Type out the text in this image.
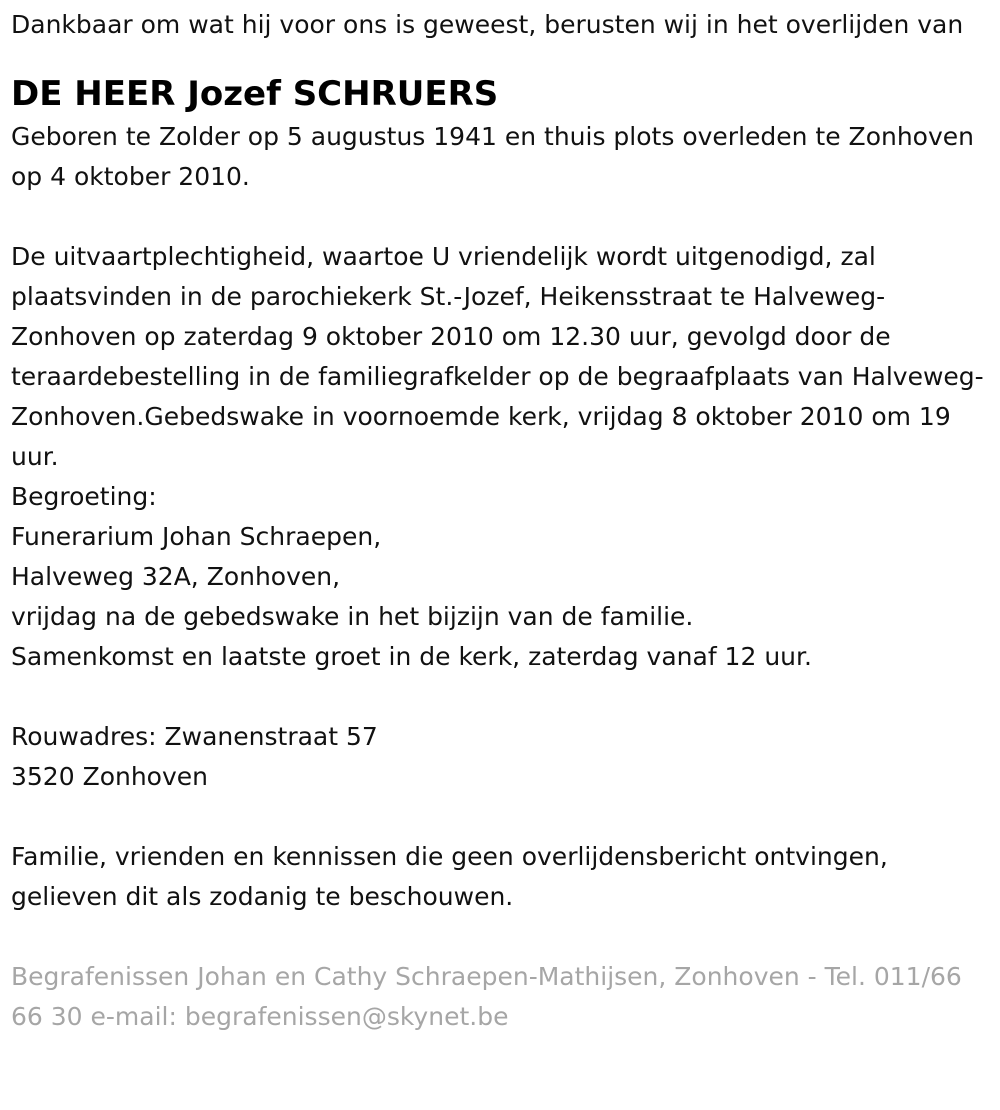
Dankbaar om wat hij voor ons is geweest, berusten wij in het overlijden van

DE HEER Jozef SCHRUERS

Geboren te Zolder op 5 augustus 1941 en thuis plots overleden te Zonhoven op 4 oktober 2010.

De uitvaartplechtigheid, waartoe U vriendelijk wordt uitgenodigd, zal plaatsvinden in de parochiekerk St.-Jozef, Heikensstraat te Halveweg-Zonhoven op zaterdag 9 oktober 2010 om 12.30 uur, gevolgd door de teraardebestelling in de familiegrafkelder op de begraafplaats van Halveweg-Zonhoven.Gebedswake in voornoemde kerk, vrijdag 8 oktober 2010 om 19 uur.

Begroeting:
Funerarium Johan Schraepen,
Halveweg 32A, Zonhoven,
vrijdag na de gebedswake in het bijzijn van de familie.
Samenkomst en laatste groet in de kerk, zaterdag vanaf 12 uur.
Rouwadres: Zwanenstraat 57
3520 Zonhoven

Familie, vrienden en kennissen die geen overlijdensbericht ontvingen, gelieven dit als zodanig te beschouwen.

Begrafenissen Johan en Cathy Schraepen-Mathijsen, Zonhoven - Tel. 011/66 66 30 e-mail: begrafenissen@skynet.be
